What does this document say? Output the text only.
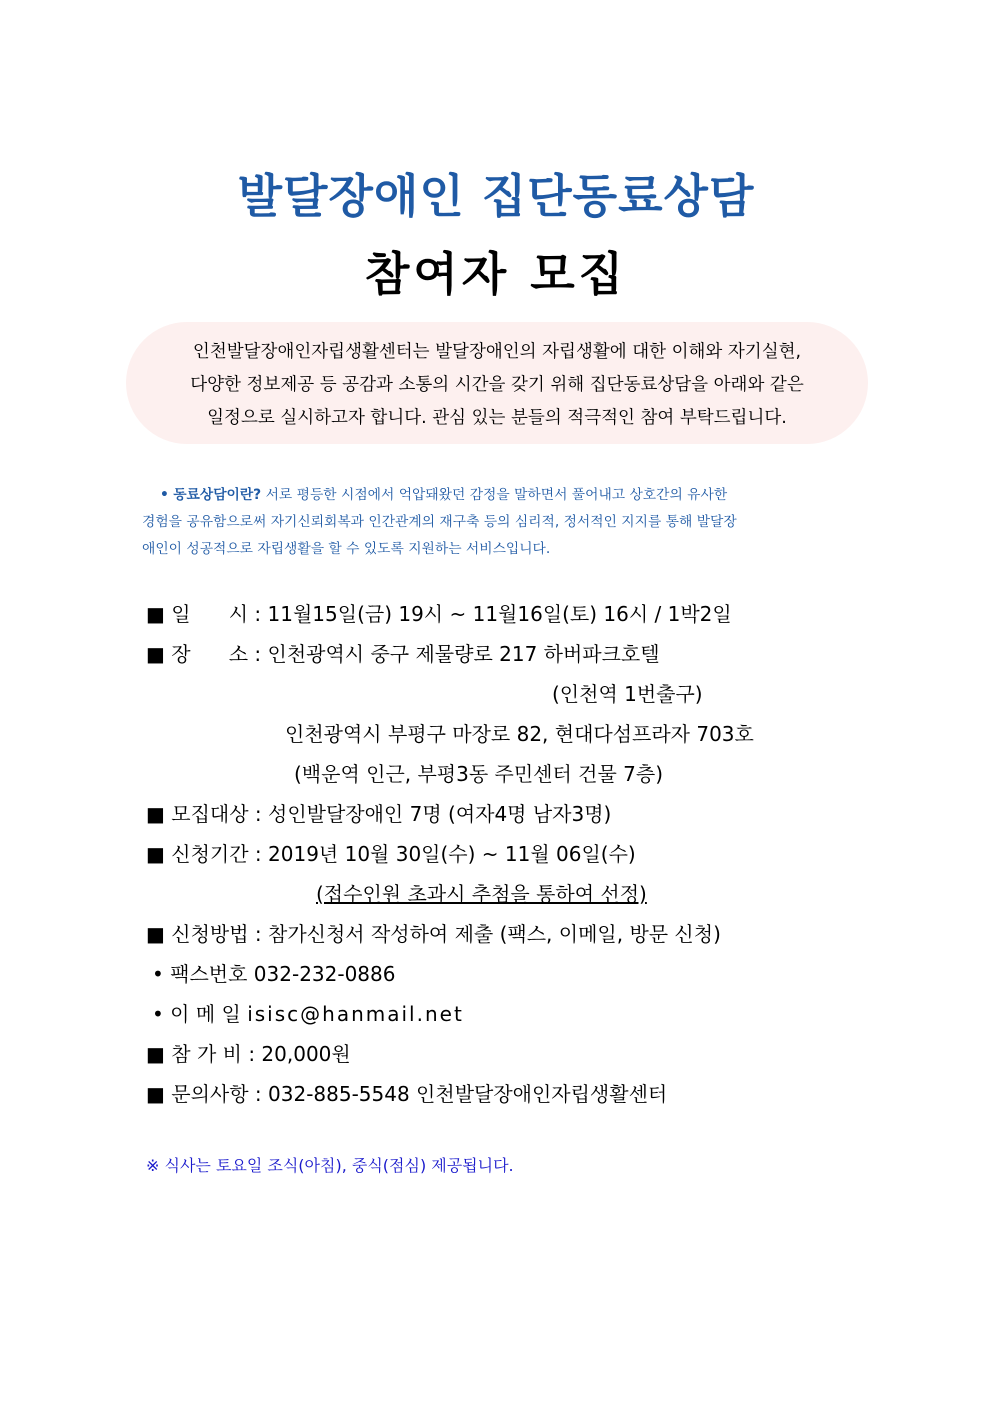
발달장애인 집단동료상담
참여자 모집
인천발달장애인자립생활센터는 발달장애인의 자립생활에 대한 이해와 자기실현,
다양한 정보제공 등 공감과 소통의 시간을 갖기 위해 집단동료상담을 아래와 같은
일정으로 실시하고자 합니다. 관심 있는 분들의 적극적인 참여 부탁드립니다.
• 동료상담이란? 서로 평등한 시점에서 억압돼왔던 감정을 말하면서 풀어내고 상호간의 유사한
경험을 공유함으로써 자기신뢰회복과 인간관계의 재구축 등의 심리적, 정서적인 지지를 통해 발달장
애인이 성공적으로 자립생활을 할 수 있도록 지원하는 서비스입니다.
■ 일      시 : 11월15일(금) 19시 ~ 11월16일(토) 16시 / 1박2일
■ 장      소 : 인천광역시 중구 제물량로 217 하버파크호텔
(인천역 1번출구)
인천광역시 부평구 마장로 82, 현대다섬프라자 703호
(백운역 인근, 부평3동 주민센터 건물 7층)
■ 모집대상 : 성인발달장애인 7명 (여자4명 남자3명)
■ 신청기간 : 2019년 10월 30일(수) ~ 11월 06일(수)
(접수인원 초과시 추첨을 통하여 선정)
■ 신청방법 : 참가신청서 작성하여 제출 (팩스, 이메일, 방문 신청)
• 팩스번호 032-232-0886
• 이 메 일 isisc@hanmail.net
■ 참 가 비 : 20,000원
■ 문의사항 : 032-885-5548 인천발달장애인자립생활센터
※ 식사는 토요일 조식(아침), 중식(점심) 제공됩니다.
